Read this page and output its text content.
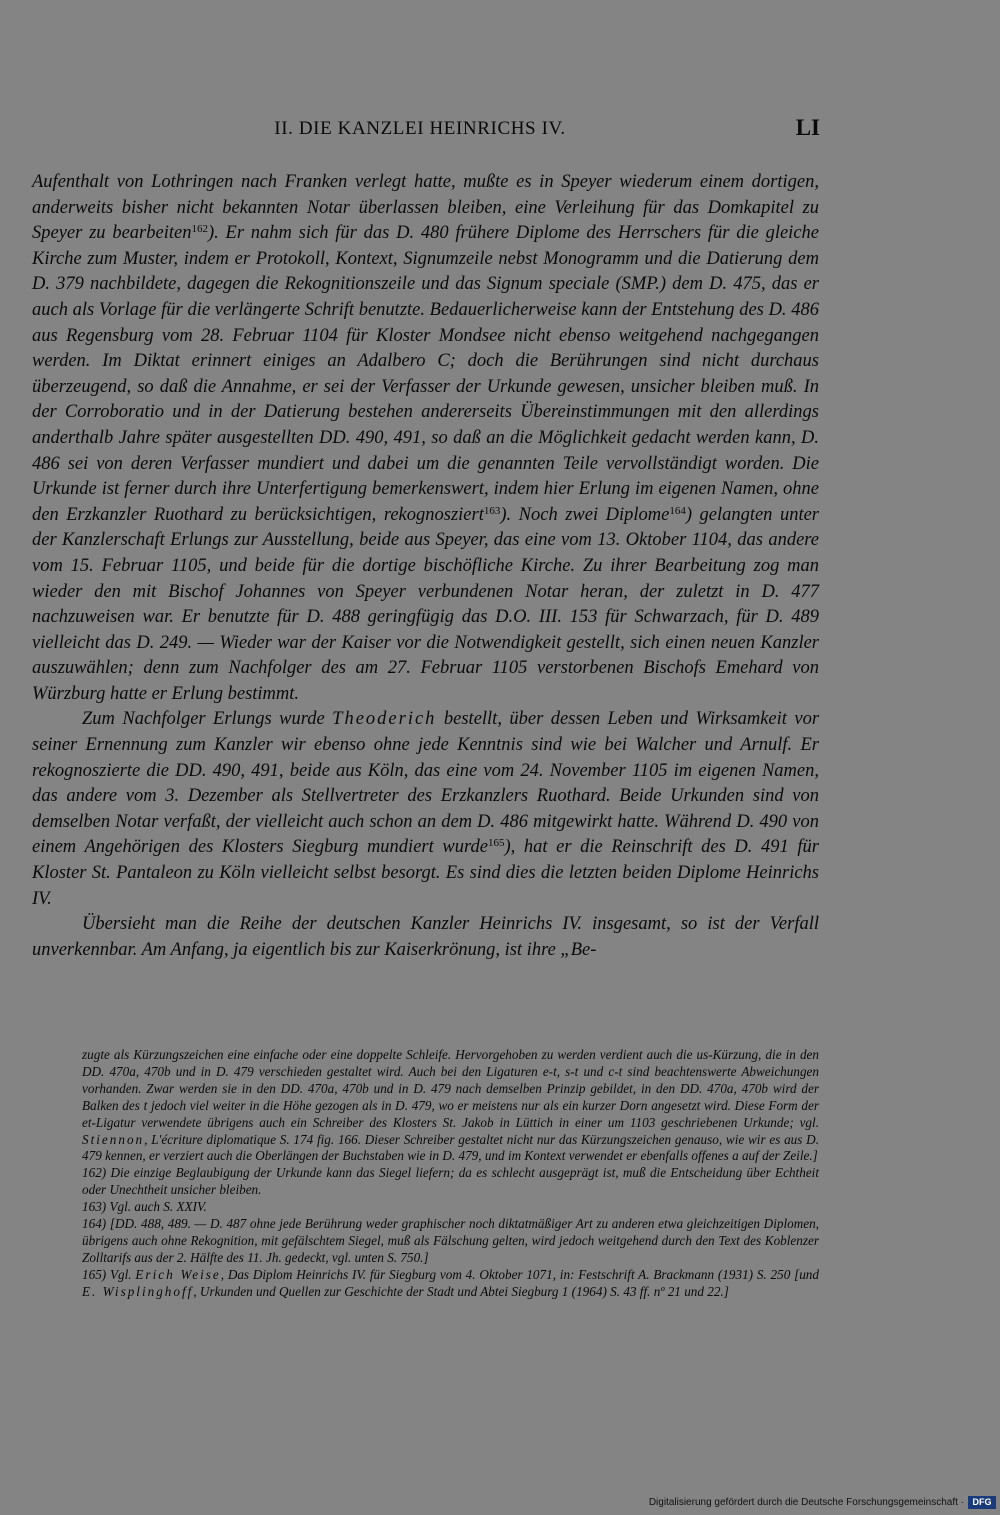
II. DIE KANZLEI HEINRICHS IV.	LI

Aufenthalt von Lothringen nach Franken verlegt hatte, mußte es in Speyer wiederum einem dortigen, anderweits bisher nicht bekannten Notar überlassen bleiben, eine Verleihung für das Domkapitel zu Speyer zu bearbeiten$^{162}$). Er nahm sich für das D. 480 frühere Diplome des Herrschers für die gleiche Kirche zum Muster, indem er Protokoll, Kontext, Signumzeile nebst Monogramm und die Datierung dem D. 379 nachbildete, dagegen die Rekognitionszeile und das Signum speciale (SMP.) dem D. 475, das er auch als Vorlage für die verlängerte Schrift benutzte. Bedauerlicherweise kann der Entstehung des D. 486 aus Regensburg vom 28. Februar 1104 für Kloster Mondsee nicht ebenso weitgehend nachgegangen werden. Im Diktat erinnert einiges an Adalbero C; doch die Berührungen sind nicht durchaus überzeugend, so daß die Annahme, er sei der Verfasser der Urkunde gewesen, unsicher bleiben muß. In der Corroboratio und in der Datierung bestehen andererseits Übereinstimmungen mit den allerdings anderthalb Jahre später ausgestellten DD. 490, 491, so daß an die Möglichkeit gedacht werden kann, D. 486 sei von deren Verfasser mundiert und dabei um die genannten Teile vervollständigt worden. Die Urkunde ist ferner durch ihre Unterfertigung bemerkenswert, indem hier Erlung im eigenen Namen, ohne den Erzkanzler Ruothard zu berücksichtigen, rekognosziert$^{163}$). Noch zwei Diplome$^{164}$) gelangten unter der Kanzlerschaft Erlungs zur Ausstellung, beide aus Speyer, das eine vom 13. Oktober 1104, das andere vom 15. Februar 1105, und beide für die dortige bischöfliche Kirche. Zu ihrer Bearbeitung zog man wieder den mit Bischof Johannes von Speyer verbundenen Notar heran, der zuletzt in D. 477 nachzuweisen war. Er benutzte für D. 488 geringfügig das D.O. III. 153 für Schwarzach, für D. 489 vielleicht das D. 249. — Wieder war der Kaiser vor die Notwendigkeit gestellt, sich einen neuen Kanzler auszuwählen; denn zum Nachfolger des am 27. Februar 1105 verstorbenen Bischofs Emehard von Würzburg hatte er Erlung bestimmt.

Zum Nachfolger Erlungs wurde Theoderich bestellt, über dessen Leben und Wirksamkeit vor seiner Ernennung zum Kanzler wir ebenso ohne jede Kenntnis sind wie bei Walcher und Arnulf. Er rekognoszierte die DD. 490, 491, beide aus Köln, das eine vom 24. November 1105 im eigenen Namen, das andere vom 3. Dezember als Stellvertreter des Erzkanzlers Ruothard. Beide Urkunden sind von demselben Notar verfaßt, der vielleicht auch schon an dem D. 486 mitgewirkt hatte. Während D. 490 von einem Angehörigen des Klosters Siegburg mundiert wurde$^{165}$), hat er die Reinschrift des D. 491 für Kloster St. Pantaleon zu Köln vielleicht selbst besorgt. Es sind dies die letzten beiden Diplome Heinrichs IV.

Übersieht man die Reihe der deutschen Kanzler Heinrichs IV. insgesamt, so ist der Verfall unverkennbar. Am Anfang, ja eigentlich bis zur Kaiserkrönung, ist ihre „Be-

zugte als Kürzungszeichen eine einfache oder eine doppelte Schleife. Hervorgehoben zu werden verdient auch die us-Kürzung, die in den DD. 470a, 470b und in D. 479 verschieden gestaltet wird. Auch bei den Ligaturen e-t, s-t und c-t sind beachtenswerte Abweichungen vorhanden. Zwar werden sie in den DD. 470a, 470b und in D. 479 nach demselben Prinzip gebildet, in den DD. 470a, 470b wird der Balken des t jedoch viel weiter in die Höhe gezogen als in D. 479, wo er meistens nur als ein kurzer Dorn angesetzt wird. Diese Form der et-Ligatur verwendete übrigens auch ein Schreiber des Klosters St. Jakob in Lüttich in einer um 1103 geschriebenen Urkunde; vgl. Stiennon, L'écriture diplomatique S. 174 fig. 166. Dieser Schreiber gestaltet nicht nur das Kürzungszeichen genauso, wie wir es aus D. 479 kennen, er verziert auch die Oberlängen der Buchstaben wie in D. 479, und im Kontext verwendet er ebenfalls offenes a auf der Zeile.]

162) Die einzige Beglaubigung der Urkunde kann das Siegel liefern; da es schlecht ausgeprägt ist, muß die Entscheidung über Echtheit oder Unechtheit unsicher bleiben.

163) Vgl. auch S. XXIV.

164) [DD. 488, 489. — D. 487 ohne jede Berührung weder graphischer noch diktatmäßiger Art zu anderen etwa gleichzeitigen Diplomen, übrigens auch ohne Rekognition, mit gefälschtem Siegel, muß als Fälschung gelten, wird jedoch weitgehend durch den Text des Koblenzer Zolltarifs aus der 2. Hälfte des 11. Jh. gedeckt, vgl. unten S. 750.]

165) Vgl. Erich Weise, Das Diplom Heinrichs IV. für Siegburg vom 4. Oktober 1071, in: Festschrift A. Brackmann (1931) S. 250 [und E. Wisplinghoff, Urkunden und Quellen zur Geschichte der Stadt und Abtei Siegburg 1 (1964) S. 43 ff. nº 21 und 22.]

Digitalisierung gefördert durch die Deutsche Forschungsgemeinschaft · DFG
